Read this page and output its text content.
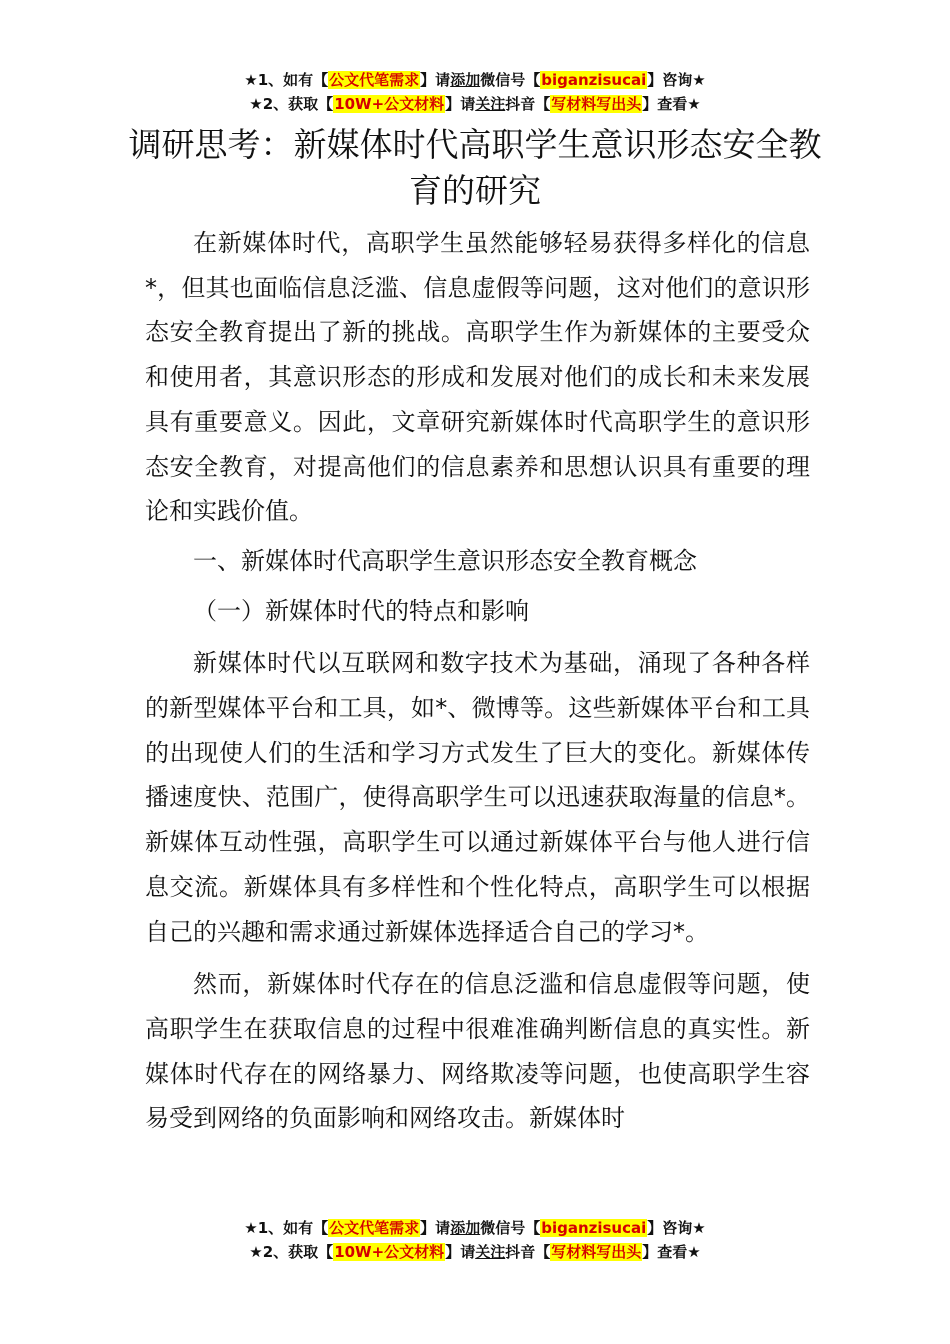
★1、如有【公文代笔需求】请添加微信号【biganzisucai】咨询★
★2、获取【10W+公文材料】请关注抖音【写材料写出头】查看★
调研思考：新媒体时代高职学生意识形态安全教育的研究

在新媒体时代，高职学生虽然能够轻易获得多样化的信息*，但其也面临信息泛滥、信息虚假等问题，这对他们的意识形态安全教育提出了新的挑战。高职学生作为新媒体的主要受众和使用者，其意识形态的形成和发展对他们的成长和未来发展具有重要意义。因此，文章研究新媒体时代高职学生的意识形态安全教育，对提高他们的信息素养和思想认识具有重要的理论和实践价值。

一、新媒体时代高职学生意识形态安全教育概念

（一）新媒体时代的特点和影响

新媒体时代以互联网和数字技术为基础，涌现了各种各样的新型媒体平台和工具，如*、微博等。这些新媒体平台和工具的出现使人们的生活和学习方式发生了巨大的变化。新媒体传播速度快、范围广，使得高职学生可以迅速获取海量的信息*。新媒体互动性强，高职学生可以通过新媒体平台与他人进行信息交流。新媒体具有多样性和个性化特点，高职学生可以根据自己的兴趣和需求通过新媒体选择适合自己的学习*。

然而，新媒体时代存在的信息泛滥和信息虚假等问题，使高职学生在获取信息的过程中很难准确判断信息的真实性。新媒体时代存在的网络暴力、网络欺凌等问题，也使高职学生容易受到网络的负面影响和网络攻击。新媒体时

★1、如有【公文代笔需求】请添加微信号【biganzisucai】咨询★
★2、获取【10W+公文材料】请关注抖音【写材料写出头】查看★
